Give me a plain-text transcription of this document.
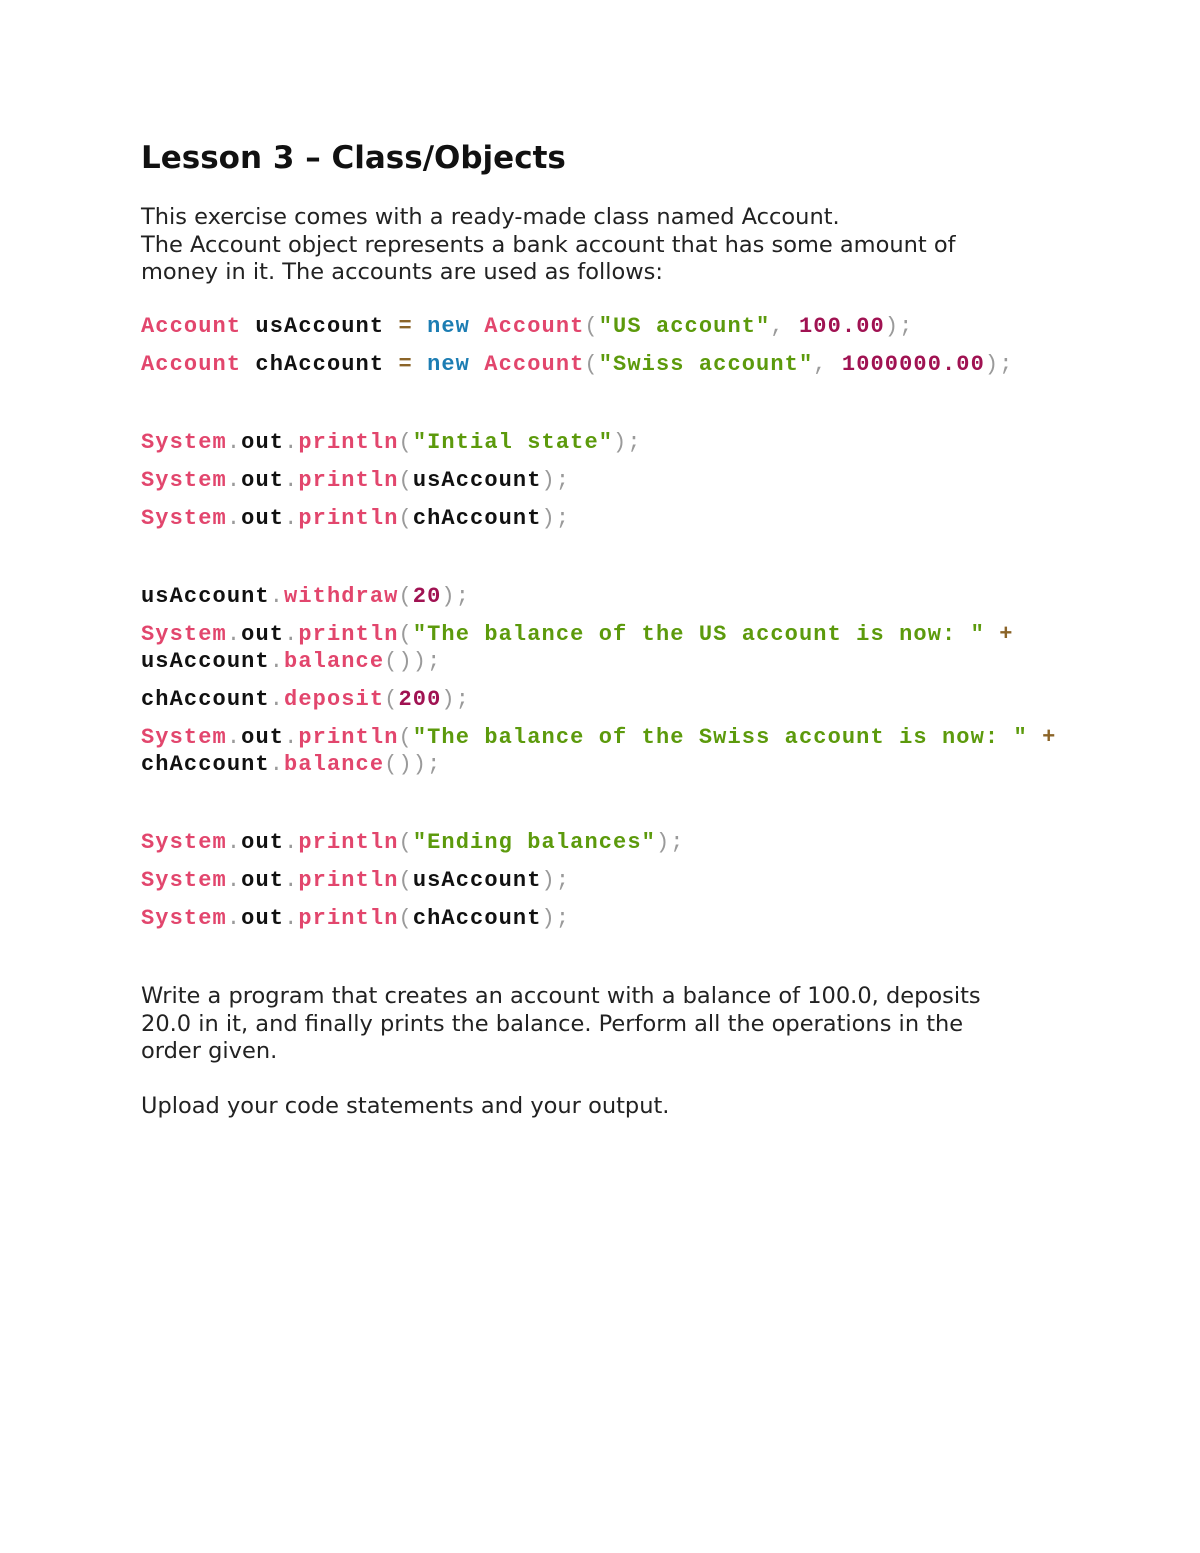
Lesson 3 – Class/Objects
This exercise comes with a ready-made class named Account.
The Account object represents a bank account that has some amount of
money in it. The accounts are used as follows:
Account usAccount = new Account("US account", 100.00);
Account chAccount = new Account("Swiss account", 1000000.00);
System.out.println("Intial state");
System.out.println(usAccount);
System.out.println(chAccount);
usAccount.withdraw(20);
System.out.println("The balance of the US account is now: " +
usAccount.balance());
chAccount.deposit(200);
System.out.println("The balance of the Swiss account is now: " +
chAccount.balance());
System.out.println("Ending balances");
System.out.println(usAccount);
System.out.println(chAccount);
Write a program that creates an account with a balance of 100.0, deposits
20.0 in it, and finally prints the balance. Perform all the operations in the
order given.
Upload your code statements and your output.
